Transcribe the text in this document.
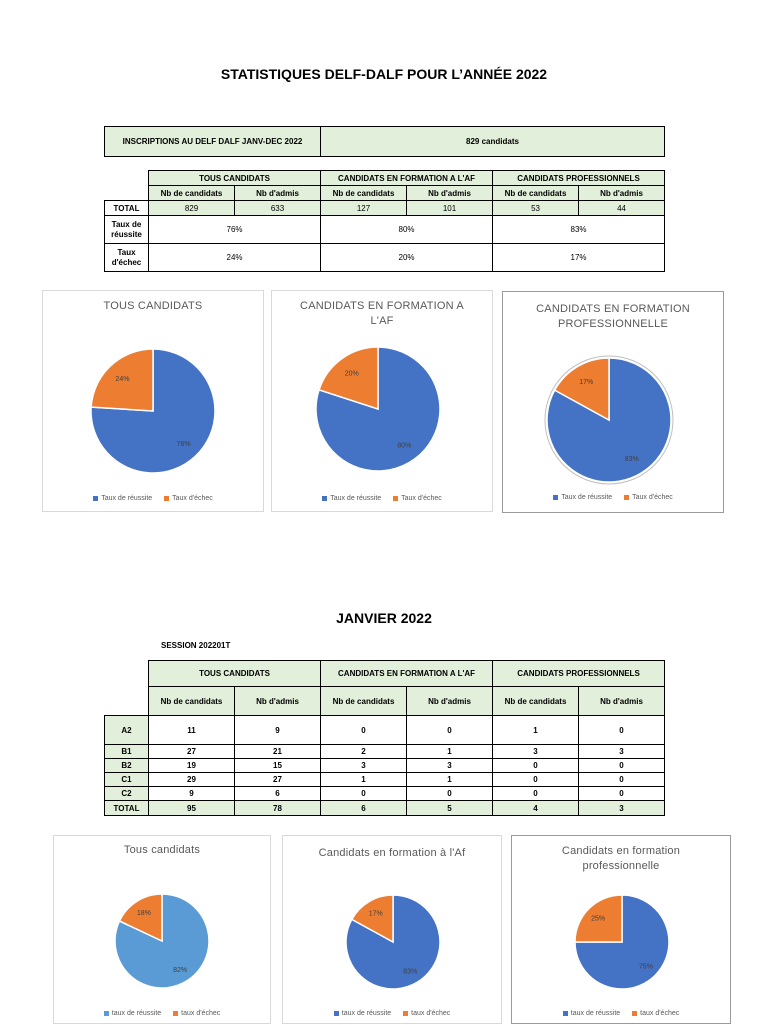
STATISTIQUES DELF-DALF POUR L’ANNÉE 2022
INSCRIPTIONS AU DELF DALF JANV-DEC 2022	829 candidats
	TOUS CANDIDATS		CANDIDATS EN FORMATION A L'AF		CANDIDATS PROFESSIONNELS	
	Nb de candidats	Nb d'admis	Nb de candidats	Nb d'admis	Nb de candidats	Nb d'admis
TOTAL	829	633	127	101	53	44
Taux de réussite	76%		80%		83%	
Taux d'échec	24%		20%		17%	
TOUS CANDIDATS
76%
24%
Taux de réussite	Taux d'échec
CANDIDATS EN FORMATION A L'AF
80%
20%
Taux de réussite	Taux d'échec
CANDIDATS EN FORMATION PROFESSIONNELLE
83%
17%
Taux de réussite	Taux d'échec
JANVIER 2022
SESSION 202201T
	TOUS CANDIDATS		CANDIDATS EN FORMATION A L'AF		CANDIDATS PROFESSIONNELS	
	Nb de candidats	Nb d'admis	Nb de candidats	Nb d'admis	Nb de candidats	Nb d'admis
A2	11	9	0	0	1	0
B1	27	21	2	1	3	3
B2	19	15	3	3	0	0
C1	29	27	1	1	0	0
C2	9	6	0	0	0	0
TOTAL	95	78	6	5	4	3
Tous candidats
82%
18%
taux de réussite	taux d'échec
Candidats en formation à l'Af
83%
17%
taux de réussite	taux d'échec
Candidats en formation professionnelle
75%
25%
taux de réussite	taux d'échec
